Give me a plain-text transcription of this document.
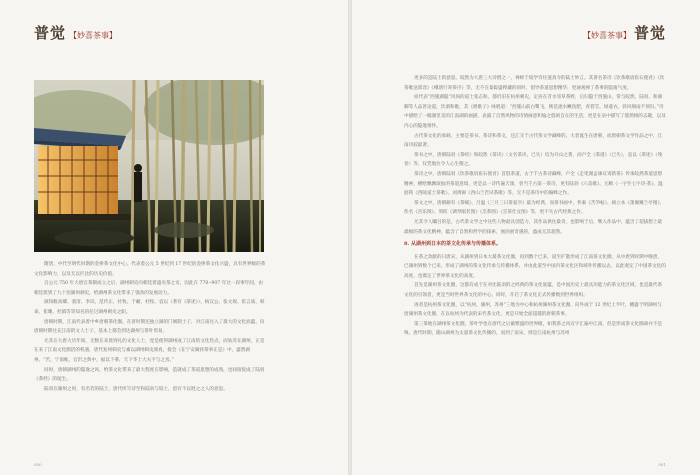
普觉 【妙喜茶事】

隋唐、中代至明代时期的金律茶文化中心。代表着公元 5 世纪到 17 世纪的金律茶文化兴盛，具有世界级的茶文化影响力，以及无以匹比的历史价值。

自公元 750 年大唐官茶制成立之后，湖州刺史向朝廷着盛贡茶之贡，因此在 770--907 年这一段事年间，由朝廷派到了九十佰湖州刺史，给湖州茶文化带来了强劲的发展动力。

颜知帆高卿、裴清、李识、范传正、杜牧、于頔、杜牧、袁以（著有《茶述》）、杨汉公、张文规、崔言质、韩泰、崔珊、杜镇等等知名的任过湖州刺史之职。

唐朝时期，江南代表着中乡唐朝茶化圈。在普时期还独立湖的门阀制士子，对江南往入了最大的文化底蕴，向唐朝时期往充江南的文人士子，基本上都会到达湖州与茶叶贸易。

尤其在大唐大历年间，无数在来晨到礼的文化人士，党是使得湖州成了江南的文化热点，而姑苏在湖州，正是在来了江南文化圈活的机遇，唐代复州刺史与素以湖州刺史颜真，接会《在宁安湖驿茶事正是》中，盛赞湖州，“若，宁南帐，官沢之典中，福以下摹，天下华士大夫不与之焉。”

同时，唐朝湖州的隐逸之风，给茶文化带来了最大程度在影响，造就成了茶道思想的成熟，也间接促成了陆羽《茶经》的诞生。

陆羽在湖州之时，有名若的陆士，唐代所写诗至和陆羽与皎士，留有不以胜之之人的意思。

050
【妙喜茶事】 普觉
051

更多的是陆士的意思。皎然为大唐三大诗僧之一，禅师于皎学奇住遗真寺的陆士妙言。其著名茶诗《饮茶歌诮崔石使君》《饮茶歌送郑容》《峨诸行寄茶序》等，无不在秦踪盛释藏的同时，倡导茶道思想精华，更通观禅了茶事的隐逸气度。

而代表“西施湖隐”风尚的道士张志和，都仍旧在杭州刺史，定居在苕水邻草茶野，后归隐于西施山，常与皎然、陆羽、和颜卿等人品茗论道，饮酒和歌，其《渔歌子》咏唱道：“西施山前白鹭飞，桃花流水鳜鱼肥，青箬笠，绿蓑衣，斜风细雨不须归。”诗中描绘了一幅湖堂美的江南湖的画描，表露了自然风物的诗情画意和愉之悠闲自在的生活，更是在泉中描写了悠然相的志趣，以及内心的隐逸情怀。

古代茶文化的承载，主要是茶书、茶诗和茶文，还汇交于古代茶文学巅峰的。大者诞生在唐朝，而唐朝茶文学作品之中，江南功较最著。

茶书之中，唐朝陆羽《茶经》和皎然《茶诀》（文名茶诀，已失）均为开山之著，而卢全《茶谱》（已失），袁以《茶述》（残卷）等，仅凭地位令人心生敬之。

茶诗之中，唐朝陆羽《饮茶歌诮崔石使君》首倡茶道，古于千古茶诗巅峰，卢全《走笔谢孟谏议寄新茶》传承皎然茶道思想精神，横绘飘飘欲仙的茶道意境，更是以一诗传遍天康，曾当千古第一茶诗，更有陆羽《六美歌》、元稹《一字至七字诗·茶》、温庭筠《西陵道士茶歌》、刘禹锡《西山兰若试茶歌》等，无不是茶诗中的巅峰之作。

茶文之中，唐朝颇有《茶赋》、吕温《三月三日茶宴序》最为经典，而茶书画中，怀素《苦笋帖》、阎立本《萧翼赚兰亭图》、佚名《宫乐图》、周昉《调琴啜茗图》《烹茶图》《烹茶仕女图》等，更不失古代经典之作。

尤其令人瞩目的是，古代茶文学之中这些人物最具创造力，其作品供往最奇，也影响于后，继入作品中，蕴含了超拔想上最最级的茶文化精神，蕴含了自然和哲学的探索，展尚展奇遇的，盛成无其超然。

8. 从湖州到日本的茶文化传承与传播体系。

在茶之余献的日唐宋，从湖州到日本大最茶文化圈，再到数个已来，道至扩散形成了江南茶文化圈，从中唐到时期中晚唐，已湖州到数个已来，形成了湖州的茶文化传承与传播体系，并由此道至中国内茶文化区和域外传播以去，以此观定了中国茶文化的高度，也奠定了世界茶文化的高度。

首先是湖州茶文化圈，这都有成于在对比陆羽的之经典的茶文化底蕴，是中国历史上最具功能力的茶文化区域，也是最代茶文化的引领者，更是当时世界茶文化的中心。同时，开启了茶文化正式传播数到世界组织。

再者是杭州茶文化圈，以“杭州，湖州，苏州”三地为中心和杭州湖州茶文化圈，向外成于 12 世纪上半叶，概盛于明湖州与唐湖州茶文化圈，在以杭州为代表的宋代茶文化，更是开始全面超越的唐朝茶事。

第三茶地在湖州茶文化圈，茶叶学也在唐代之后截繁盛的世界级，如我茶之风宣字汇遍中江南，但是形成茶文化圈却并不是殊，唐代时期，随山湖州为太量茶文化传播的，而到了南宋，则是江南杭州与苏州
